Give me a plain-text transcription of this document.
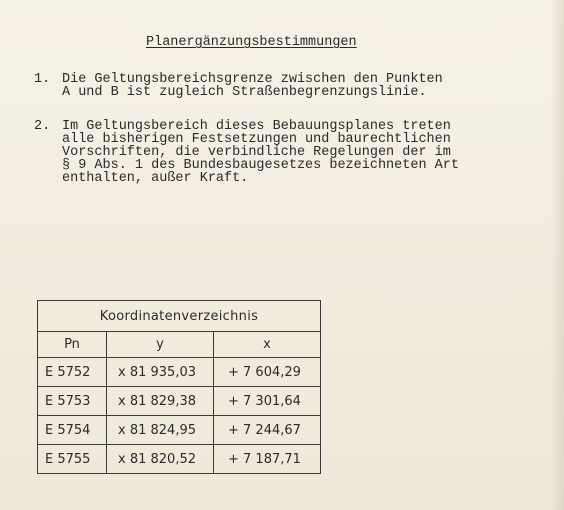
Planergänzungsbestimmungen
1. Die Geltungsbereichsgrenze zwischen den Punkten
A und B ist zugleich Straßenbegrenzungslinie.
2. Im Geltungsbereich dieses Bebauungsplanes treten
alle bisherigen Festsetzungen und baurechtlichen
Vorschriften, die verbindliche Regelungen der im
§ 9 Abs. 1 des Bundesbaugesetzes bezeichneten Art
enthalten, außer Kraft.
Koordinatenverzeichnis		
Pn	y	x
E 5752	x 81 935,03	+ 7 604,29
E 5753	x 81 829,38	+ 7 301,64
E 5754	x 81 824,95	+ 7 244,67
E 5755	x 81 820,52	+ 7 187,71
